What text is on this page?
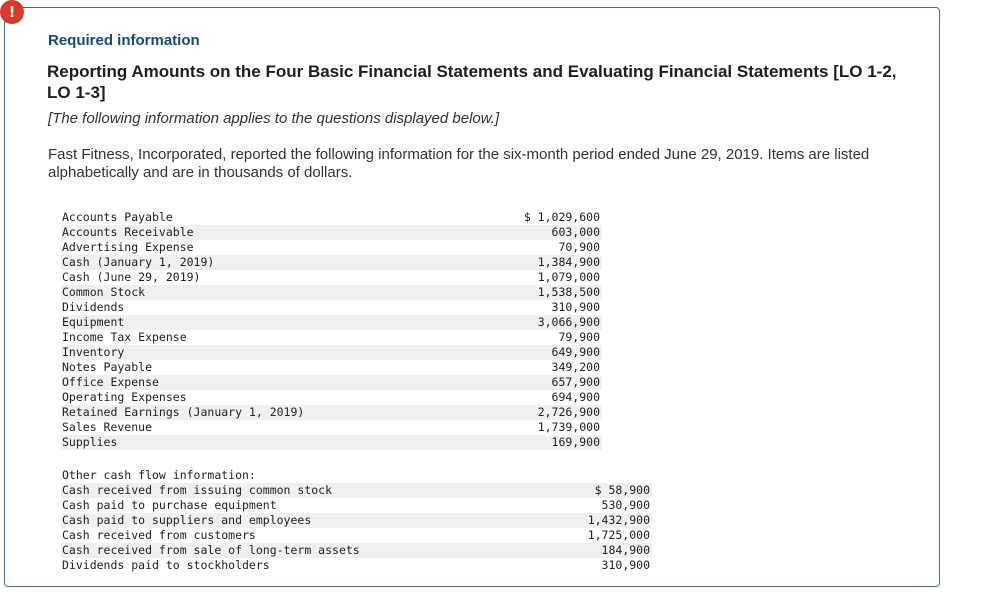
!
Required information
Reporting Amounts on the Four Basic Financial Statements and Evaluating Financial Statements [LO 1-2, LO 1-3]
[The following information applies to the questions displayed below.]
Fast Fitness, Incorporated, reported the following information for the six-month period ended June 29, 2019. Items are listed alphabetically and are in thousands of dollars.
Accounts Payable	$ 1,029,600
Accounts Receivable	603,000
Advertising Expense	70,900
Cash (January 1, 2019)	1,384,900
Cash (June 29, 2019)	1,079,000
Common Stock	1,538,500
Dividends	310,900
Equipment	3,066,900
Income Tax Expense	79,900
Inventory	649,900
Notes Payable	349,200
Office Expense	657,900
Operating Expenses	694,900
Retained Earnings (January 1, 2019)	2,726,900
Sales Revenue	1,739,000
Supplies	169,900
Other cash flow information:
Cash received from issuing common stock	$ 58,900
Cash paid to purchase equipment	530,900
Cash paid to suppliers and employees	1,432,900
Cash received from customers	1,725,000
Cash received from sale of long-term assets	184,900
Dividends paid to stockholders	310,900
